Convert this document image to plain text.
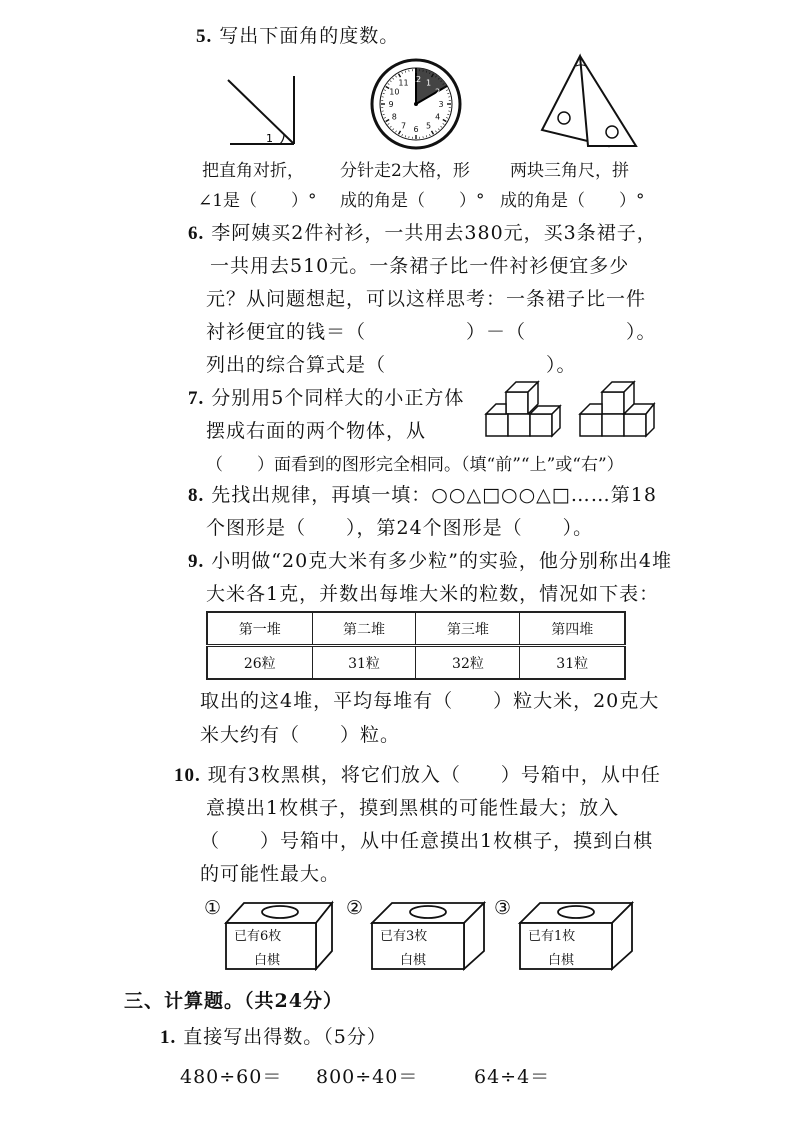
5. 写出下面角的度数。
1
12 1
2
3
4
5
6
7
8
9
10
11
把直角对折，
∠1是（　　）°
分针走2大格，形
成的角是（　　）°
两块三角尺，拼
成的角是（　　）°
6. 李阿姨买2件衬衫，一共用去380元，买3条裙子，
一共用去510元。一条裙子比一件衬衫便宜多少
元？从问题想起，可以这样思考：一条裙子比一件
衬衫便宜的钱＝（　　　　　）－（　　　　　）。
列出的综合算式是（　　　　　　　　）。
7. 分别用5个同样大的小正方体
摆成右面的两个物体，从
（　　）面看到的图形完全相同。（填“前”“上”或“右”）
8. 先找出规律，再填一填：○○△□○○△□……第18
个图形是（　　），第24个图形是（　　）。
9. 小明做“20克大米有多少粒”的实验，他分别称出4堆
大米各1克，并数出每堆大米的粒数，情况如下表：
第一堆	第二堆	第三堆	第四堆
26粒	31粒	32粒	31粒
取出的这4堆，平均每堆有（　　）粒大米，20克大
米大约有（　　）粒。
10. 现有3枚黑棋，将它们放入（　　）号箱中，从中任
意摸出1枚棋子，摸到黑棋的可能性最大；放入
（　　）号箱中，从中任意摸出1枚棋子，摸到白棋
的可能性最大。
①
已有6枚
白棋
②
已有3枚
白棋
③
已有1枚
白棋
三、计算题。（共24分）
1. 直接写出得数。（5分）
480÷60＝ 800÷40＝	64÷4＝
